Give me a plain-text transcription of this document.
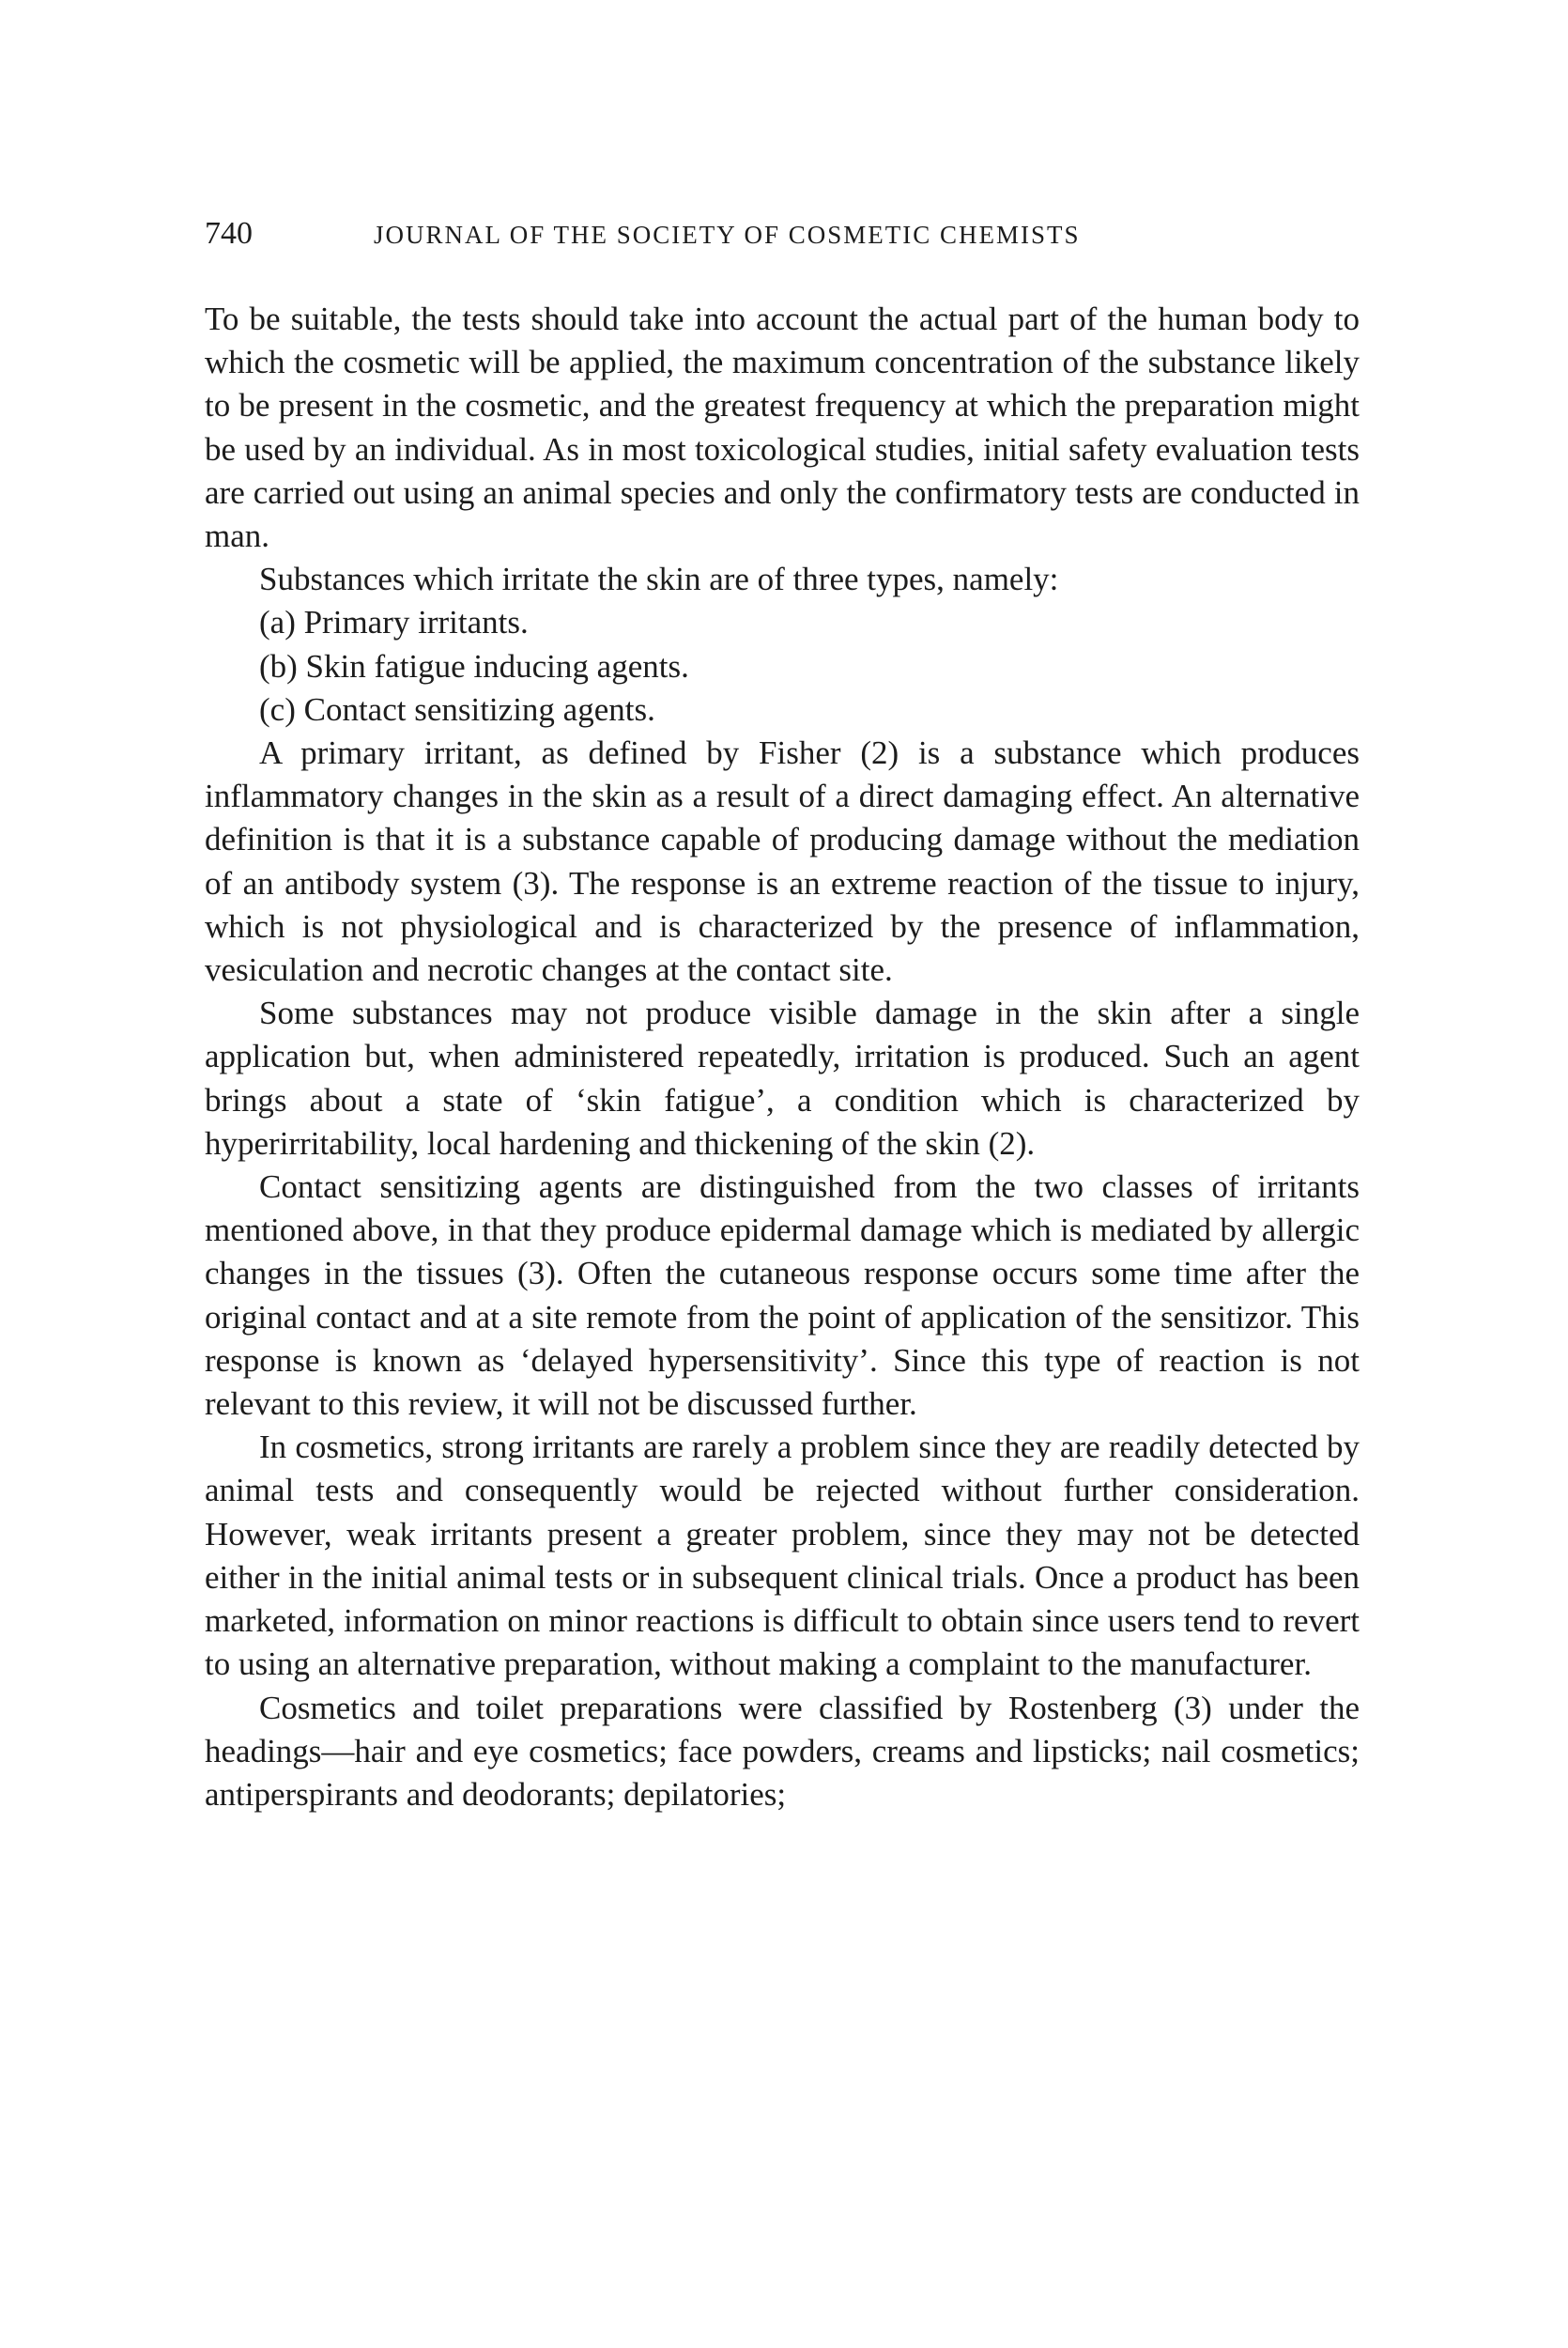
740	JOURNAL OF THE SOCIETY OF COSMETIC CHEMISTS

To be suitable, the tests should take into account the actual part of the human body to which the cosmetic will be applied, the maximum concentration of the substance likely to be present in the cosmetic, and the greatest frequency at which the preparation might be used by an individual. As in most toxicological studies, initial safety evaluation tests are carried out using an animal species and only the confirmatory tests are conducted in man.

Substances which irritate the skin are of three types, namely:

(a) Primary irritants.

(b) Skin fatigue inducing agents.

(c) Contact sensitizing agents.

A primary irritant, as defined by Fisher (2) is a substance which produces inflammatory changes in the skin as a result of a direct damaging effect. An alternative definition is that it is a substance capable of producing damage without the mediation of an antibody system (3). The response is an extreme reaction of the tissue to injury, which is not physiological and is characterized by the presence of inflammation, vesiculation and necrotic changes at the contact site.

Some substances may not produce visible damage in the skin after a single application but, when administered repeatedly, irritation is produced. Such an agent brings about a state of ‘skin fatigue’, a condition which is characterized by hyperirritability, local hardening and thickening of the skin (2).

Contact sensitizing agents are distinguished from the two classes of irritants mentioned above, in that they produce epidermal damage which is mediated by allergic changes in the tissues (3). Often the cutaneous response occurs some time after the original contact and at a site remote from the point of application of the sensitizor. This response is known as ‘delayed hypersensitivity’. Since this type of reaction is not relevant to this review, it will not be discussed further.

In cosmetics, strong irritants are rarely a problem since they are readily detected by animal tests and consequently would be rejected without further consideration. However, weak irritants present a greater problem, since they may not be detected either in the initial animal tests or in subsequent clinical trials. Once a product has been marketed, information on minor reactions is difficult to obtain since users tend to revert to using an alternative preparation, without making a complaint to the manufacturer.

Cosmetics and toilet preparations were classified by Rostenberg (3) under the headings—hair and eye cosmetics; face powders, creams and lipsticks; nail cosmetics; antiperspirants and deodorants; depilatories;
